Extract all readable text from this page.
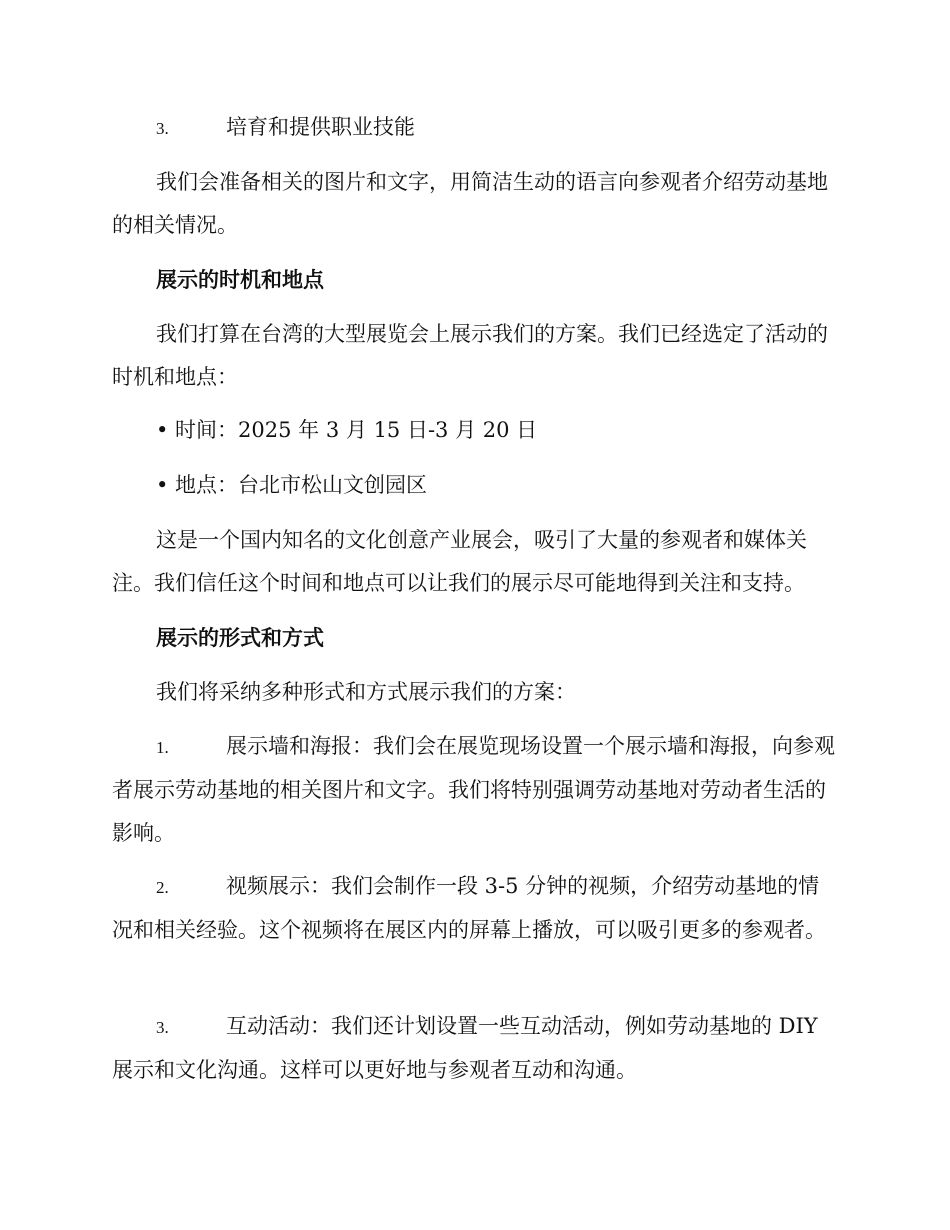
3.	培育和提供职业技能

我们会准备相关的图片和文字，用简洁生动的语言向参观者介绍劳动基地的相关情况。

展示的时机和地点

我们打算在台湾的大型展览会上展示我们的方案。我们已经选定了活动的时机和地点：

• 时间：2025 年 3 月 15 日-3 月 20 日

• 地点：台北市松山文创园区

这是一个国内知名的文化创意产业展会，吸引了大量的参观者和媒体关注。我们信任这个时间和地点可以让我们的展示尽可能地得到关注和支持。

展示的形式和方式

我们将采纳多种形式和方式展示我们的方案：

1.	展示墙和海报：我们会在展览现场设置一个展示墙和海报，向参观者展示劳动基地的相关图片和文字。我们将特别强调劳动基地对劳动者生活的影响。

2.	视频展示：我们会制作一段 3-5 分钟的视频，介绍劳动基地的情况和相关经验。这个视频将在展区内的屏幕上播放，可以吸引更多的参观者。

3.	互动活动：我们还计划设置一些互动活动，例如劳动基地的 DIY 展示和文化沟通。这样可以更好地与参观者互动和沟通。
